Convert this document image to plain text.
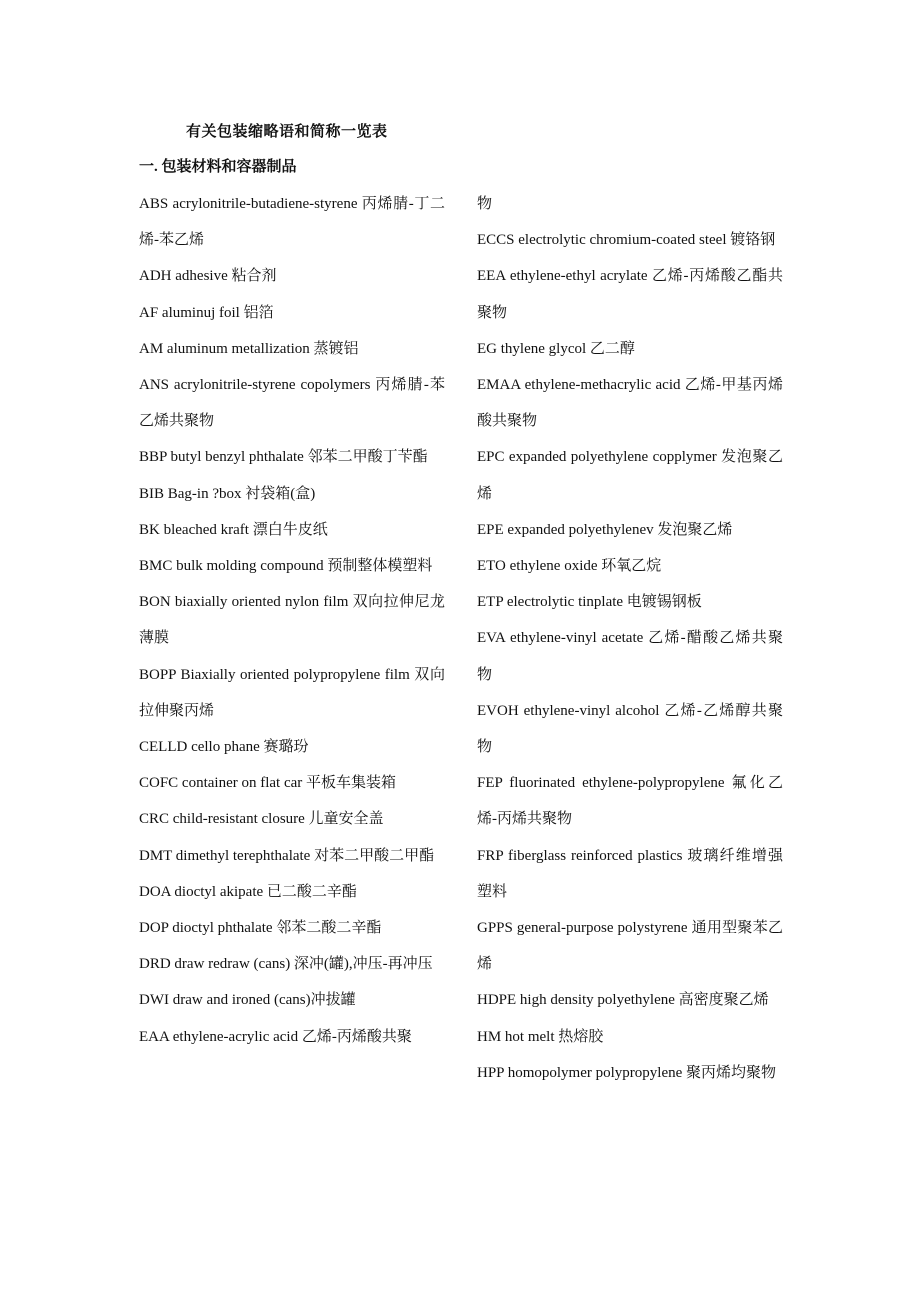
有关包装缩略语和简称一览表
一. 包装材料和容器制品

ABS acrylonitrile-butadiene-styrene 丙烯腈-丁二烯-苯乙烯

ADH adhesive 粘合剂

AF aluminuj foil 铝箔

AM aluminum metallization 蒸镀铝

ANS acrylonitrile-styrene copolymers 丙烯腈-苯乙烯共聚物

BBP butyl benzyl phthalate 邻苯二甲酸丁苄酯

BIB Bag-in ?box 衬袋箱(盒)

BK bleached kraft 漂白牛皮纸

BMC bulk molding compound 预制整体模塑料

BON biaxially oriented nylon film 双向拉伸尼龙薄膜

BOPP Biaxially oriented polypropylene film 双向拉伸聚丙烯

CELLD cello phane 赛璐玢

COFC container on flat car 平板车集装箱

CRC child-resistant closure 儿童安全盖

DMT dimethyl terephthalate 对苯二甲酸二甲酯

DOA dioctyl akipate 已二酸二辛酯

DOP dioctyl phthalate 邻苯二酸二辛酯

DRD draw redraw (cans) 深冲(罐),冲压-再冲压

DWI draw and ironed (cans)冲拔罐

EAA ethylene-acrylic acid 乙烯-丙烯酸共聚

物

ECCS electrolytic chromium-coated steel 镀铬钢

EEA ethylene-ethyl acrylate 乙烯-丙烯酸乙酯共聚物

EG thylene glycol 乙二醇

EMAA ethylene-methacrylic acid 乙烯-甲基丙烯酸共聚物

EPC expanded polyethylene copplymer 发泡聚乙烯

EPE expanded polyethylenev 发泡聚乙烯

ETO ethylene oxide 环氧乙烷

ETP electrolytic tinplate 电镀锡钢板

EVA ethylene-vinyl acetate 乙烯-醋酸乙烯共聚物

EVOH ethylene-vinyl alcohol 乙烯-乙烯醇共聚物

FEP fluorinated ethylene-polypropylene 氟化乙烯-丙烯共聚物

FRP fiberglass reinforced plastics 玻璃纤维增强塑料

GPPS general-purpose polystyrene 通用型聚苯乙烯

HDPE high density polyethylene 高密度聚乙烯

HM hot melt 热熔胶

HPP homopolymer polypropylene 聚丙烯均聚物
